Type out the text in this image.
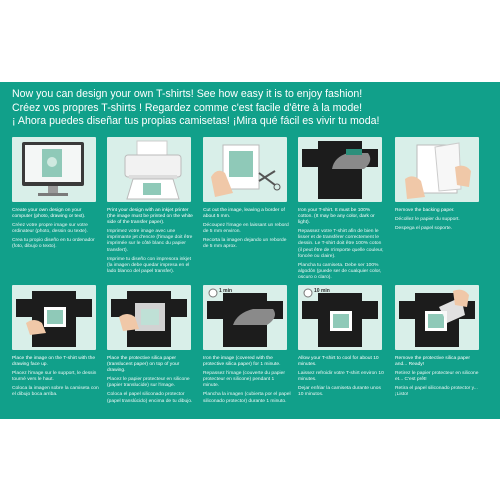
Now you can design your own T-shirts! See how easy it is to enjoy fashion!
Créez vos propres T-shirts ! Regardez comme c'est facile d'être à la mode!
¡ Ahora puedes diseñar tus propias camisetas! ¡Mira qué fácil es vivir tu moda!

Create your own design on your computer (photo, drawing or text).

Créez votre propre image sur votre ordinateur (photo, dessin ou texte).

Crea tu propio diseño en tu ordenador (foto, dibujo o texto).

Print your design with an inkjet printer (the image must be printed on the white side of the transfer paper).

Imprimez votre image avec une imprimante jet d'encre (l'image doit être imprimée sur le côté blanc du papier transfert).

Imprime tu diseño con impresora inkjet (la imagen debe quedar impresa en el lado blanco del papel transfer).

Cut out the image, leaving a border of about 5 mm.

Découpez l'image en laissant un rebord de 5 mm environ.

Recorta la imagen dejando un reborde de 5 mm aprox.

Iron your T-shirt. It must be 100% cotton. (It may be any color, dark or light).

Repassez votre T-shirt afin de bien le lisser et de transférer correctement le dessin. Le T-shirt doit être 100% coton (il peut être de n'importe quelle couleur, foncée ou claire).

Plancha tu camiseta. Debe ser 100% algodón (puede ser de cualquier color, oscuro o claro).

Remove the backing paper.

Décollez le papier du support.

Despega el papel soporte.

1 min	10 min

Place the image on the T-shirt with the drawing face up.

Placez l'image sur le support, le dessin tourné vers le haut.

Coloca la imagen sobre la camiseta con el dibujo boca arriba.

Place the protective silica paper (translucent paper) on top of your drawing.

Placez le papier protecteur en silicone (papier translucide) sur l'image.

Coloca el papel siliconado protector (papel translúcido) encima de tu dibujo.

Iron the image (covered with the protective silica paper) for 1 minute.

Repassez l'image (couverte du papier protecteur en silicone) pendant 1 minute.

Plancha la imagen (cubierta por el papel siliconado protector) durante 1 minuto.

Allow your T-shirt to cool for about 10 minutes.

Laissez refroidir votre T-shirt environ 10 minutes.

Dejar enfriar la camiseta durante unos 10 minutos.

Remove the protective silica paper and... Ready!

Retirez le papier protecteur en silicone et... C'est prêt!

Retira el papel siliconado protector y...¡Listo!
